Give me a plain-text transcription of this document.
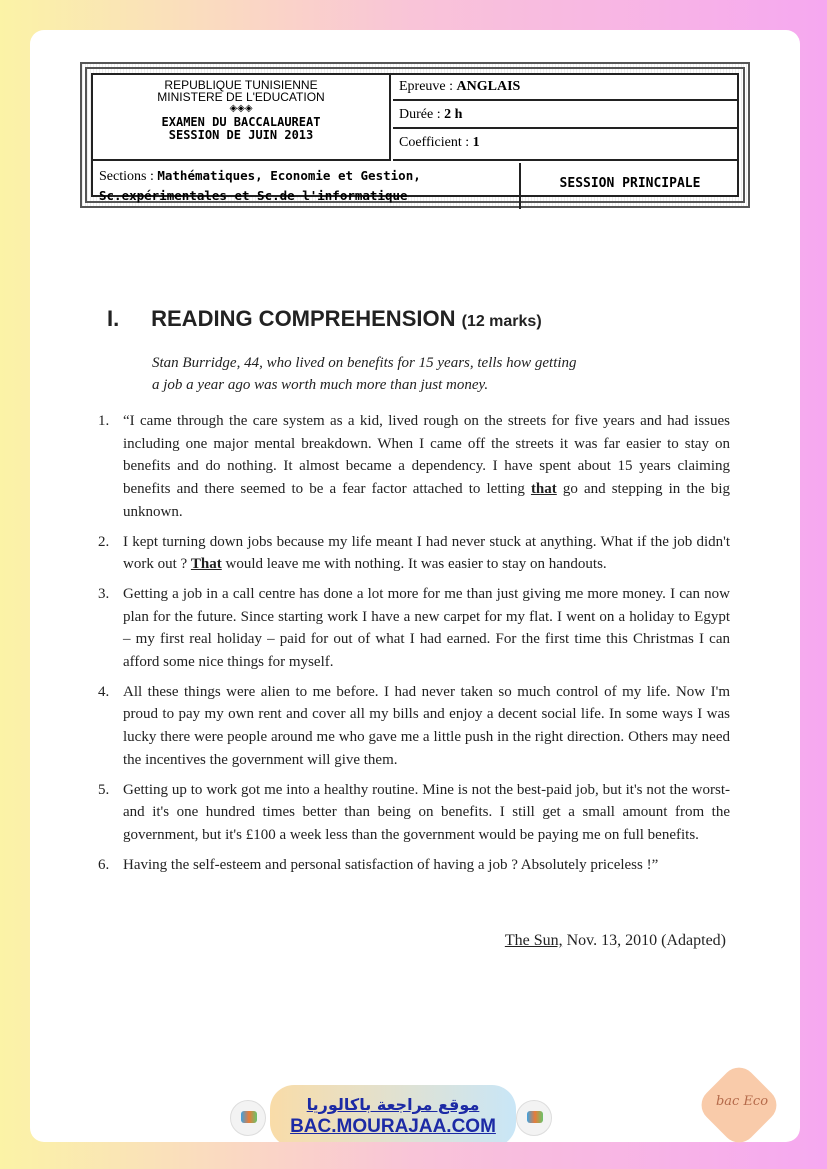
REPUBLIQUE TUNISIENNE
MINISTERE DE L'EDUCATION
◈◈◈
EXAMEN DU BACCALAUREAT
SESSION DE JUIN 2013
Epreuve : ANGLAIS
Durée : 2 h
Coefficient : 1
Sections : Mathématiques, Economie et Gestion,
Sc.expérimentales et Sc.de l'informatique
SESSION PRINCIPALE
I. READING COMPREHENSION (12 marks)
Stan Burridge, 44, who lived on benefits for 15 years, tells how getting
a job a year ago was worth much more than just money.
1. “I came through the care system as a kid, lived rough on the streets for five years and had issues including one major mental breakdown. When I came off the streets it was far easier to stay on benefits and do nothing. It almost became a dependency. I have spent about 15 years claiming benefits and there seemed to be a fear factor attached to letting that go and stepping in the big unknown.
2. I kept turning down jobs because my life meant I had never stuck at anything. What if the job didn't work out ? That would leave me with nothing. It was easier to stay on handouts.
3. Getting a job in a call centre has done a lot more for me than just giving me more money. I can now plan for the future. Since starting work I have a new carpet for my flat. I went on a holiday to Egypt – my first real holiday – paid for out of what I had earned. For the first time this Christmas I can afford some nice things for myself.
4. All these things were alien to me before. I had never taken so much control of my life. Now I'm proud to pay my own rent and cover all my bills and enjoy a decent social life. In some ways I was lucky there were people around me who gave me a little push in the right direction. Others may need the incentives the government will give them.
5. Getting up to work got me into a healthy routine. Mine is not the best-paid job, but it's not the worst-and it's one hundred times better than being on benefits. I still get a small amount from the government, but it's £100 a week less than the government would be paying me on full benefits.
6. Having the self-esteem and personal satisfaction of having a job ? Absolutely priceless !”
The Sun, Nov. 13, 2010 (Adapted)
موقع مراجعة باكالوريا
BAC.MOURAJAA.COM
bac Eco
